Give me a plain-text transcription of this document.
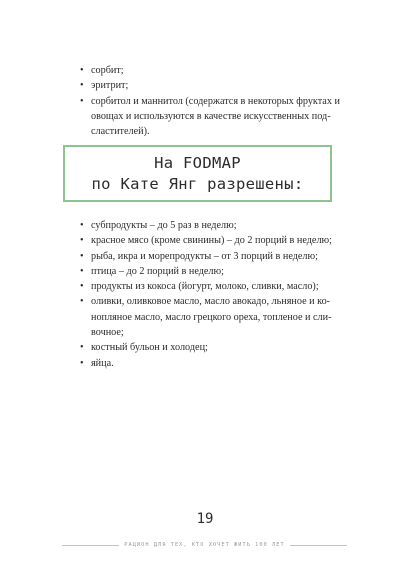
• сорбит;
• эритрит;
• сорбитол и маннитол (содержатся в некоторых фруктах и овощах и используются в качестве искусственных подсластителей).
На FODMAP
по Кате Янг разрешены:
• субпродукты – до 5 раз в неделю;
• красное мясо (кроме свинины) – до 2 порций в неделю;
• рыба, икра и морепродукты – от 3 порций в неделю;
• птица – до 2 порций в неделю;
• продукты из кокоса (йогурт, молоко, сливки, масло);
• оливки, оливковое масло, масло авокадо, льняное и конопляное масло, масло грецкого ореха, топленое и сливочное;
• костный бульон и холодец;
• яйца.
19
РАЦИОН ДЛЯ ТЕХ, КТО ХОЧЕТ ЖИТЬ 100 ЛЕТ
